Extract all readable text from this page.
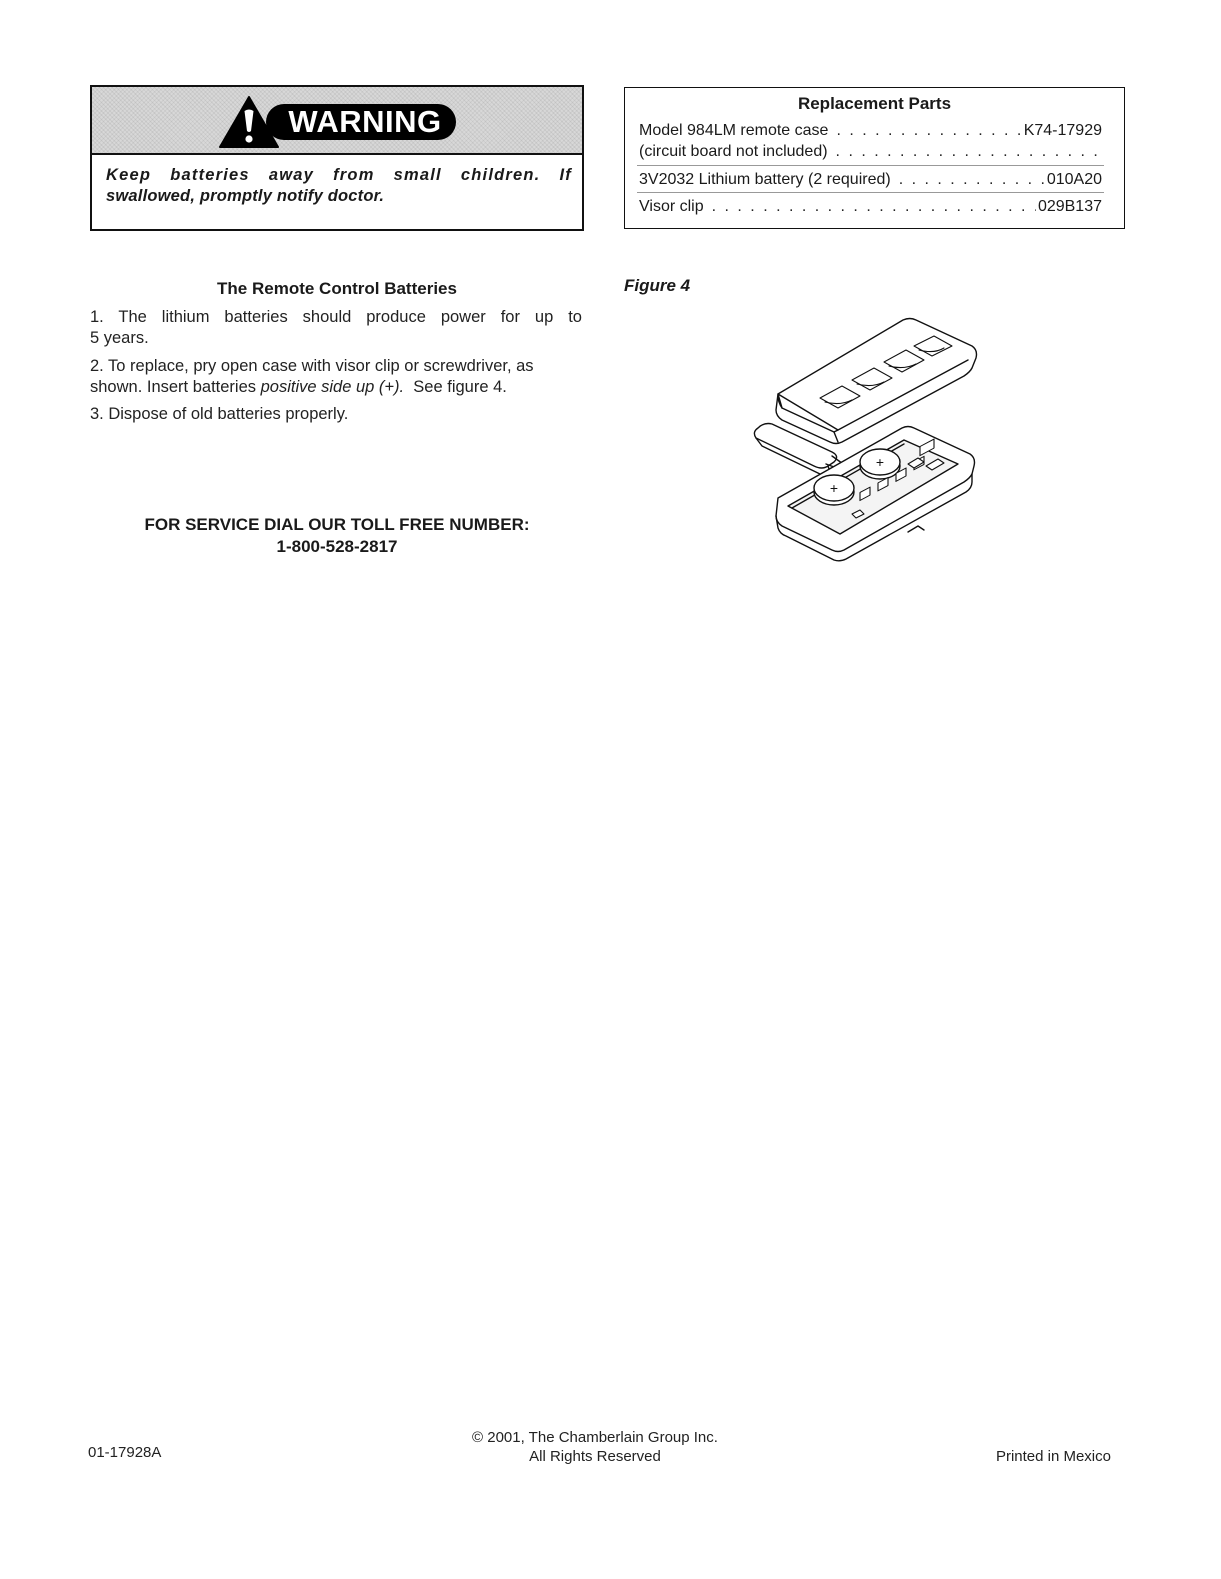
WARNING
Keep batteries away from small children. If
swallowed, promptly notify doctor.
Replacement Parts
Model 984LM remote case . . .	K74-17929
(circuit board not included)
. . .
3V2032 Lithium battery (2 required) . . .	010A20
Visor clip . . .	029B137
The Remote Control Batteries
1. The lithium batteries should produce power for up to
5 years.
2. To replace, pry open case with visor clip or screwdriver, as shown. Insert batteries positive side up (+).  See figure 4.
3. Dispose of old batteries properly.
FOR SERVICE DIAL OUR TOLL FREE NUMBER:
1-800-528-2817
Figure 4
+
+
01-17928A
© 2001, The Chamberlain Group Inc.
All Rights Reserved	Printed in Mexico
